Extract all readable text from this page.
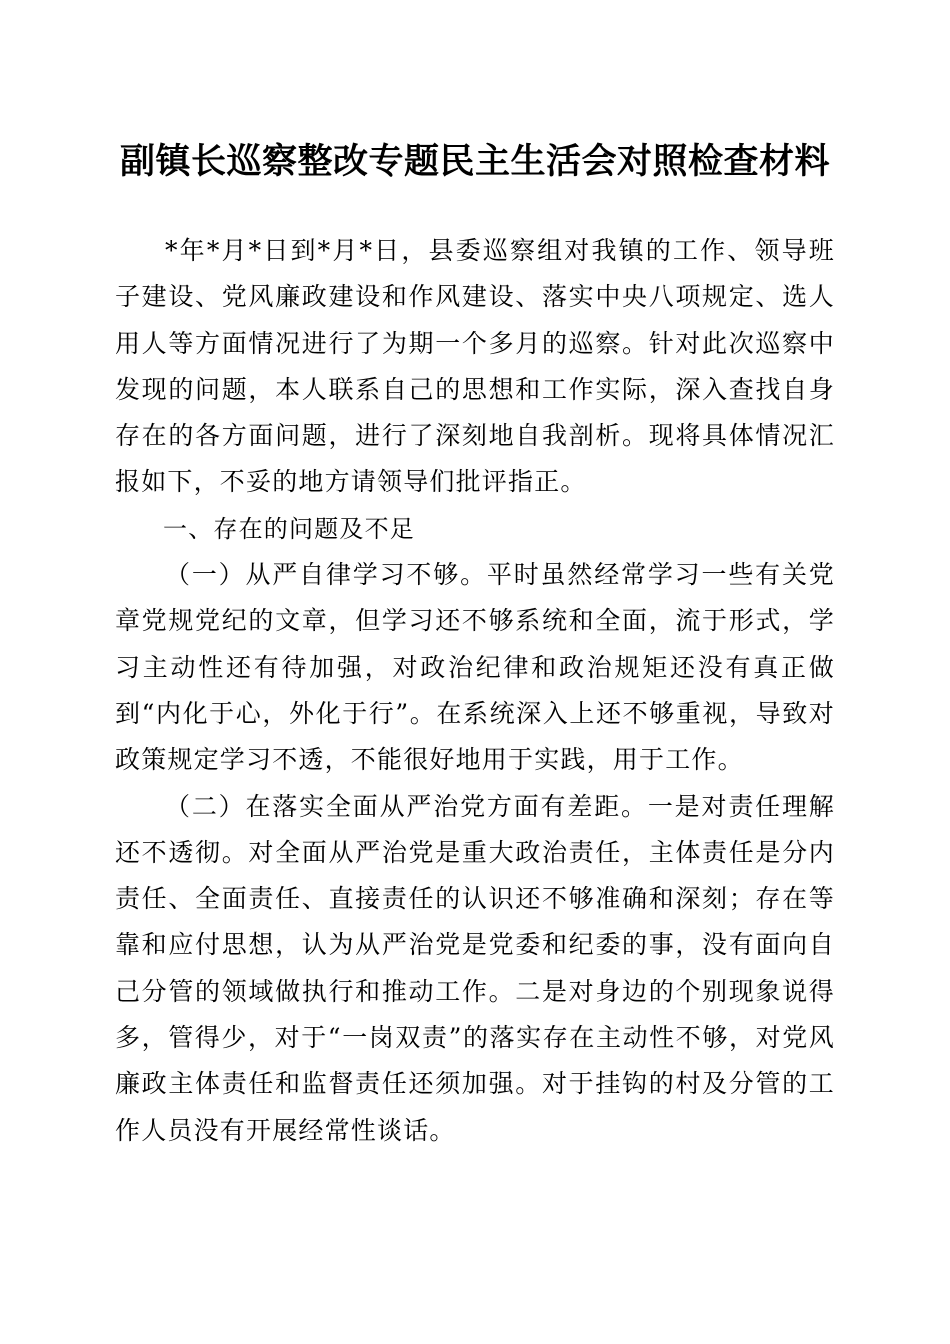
副镇长巡察整改专题民主生活会对照检查材料

*年*月*日到*月*日，县委巡察组对我镇的工作、领导班子建设、党风廉政建设和作风建设、落实中央八项规定、选人用人等方面情况进行了为期一个多月的巡察。针对此次巡察中发现的问题，本人联系自己的思想和工作实际，深入查找自身存在的各方面问题，进行了深刻地自我剖析。现将具体情况汇报如下，不妥的地方请领导们批评指正。

一、存在的问题及不足

（一）从严自律学习不够。平时虽然经常学习一些有关党章党规党纪的文章，但学习还不够系统和全面，流于形式，学习主动性还有待加强，对政治纪律和政治规矩还没有真正做到“内化于心，外化于行”。在系统深入上还不够重视，导致对政策规定学习不透，不能很好地用于实践，用于工作。

（二）在落实全面从严治党方面有差距。一是对责任理解还不透彻。对全面从严治党是重大政治责任，主体责任是分内责任、全面责任、直接责任的认识还不够准确和深刻；存在等靠和应付思想，认为从严治党是党委和纪委的事，没有面向自己分管的领域做执行和推动工作。二是对身边的个别现象说得多，管得少，对于“一岗双责”的落实存在主动性不够，对党风廉政主体责任和监督责任还须加强。对于挂钩的村及分管的工作人员没有开展经常性谈话。
